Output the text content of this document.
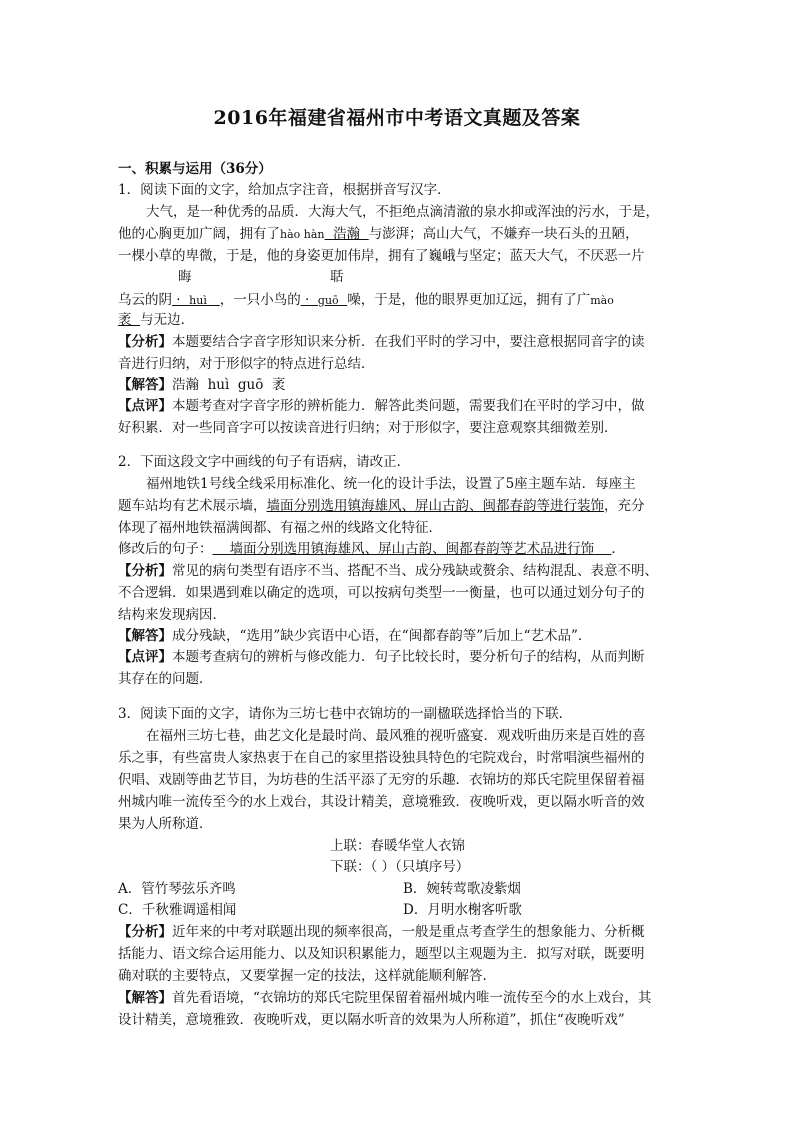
2016年福建省福州市中考语文真题及答案
一、积累与运用（36分）
1．阅读下面的文字，给加点字注音，根据拼音写汉字．
大气，是一种优秀的品质．大海大气，不拒绝点滴清澈的泉水抑或浑浊的污水，于是，
他的心胸更加广阔，拥有了hào hàn 浩瀚 与澎湃；高山大气，不嫌弃一块石头的丑陋，
一棵小草的卑微，于是，他的身姿更加伟岸，拥有了巍峨与坚定；蓝天大气，不厌恶一片
晦	聒
乌云的阴 ·  huì ，一只小鸟的 ·  guō 噪，于是，他的眼界更加辽远，拥有了广mào
袤 与无边．
【分析】本题要结合字音字形知识来分析．在我们平时的学习中，要注意根据同音字的读
音进行归纳，对于形似字的特点进行总结．
【解答】浩瀚  huì  guō  袤
【点评】本题考查对字音字形的辨析能力．解答此类问题，需要我们在平时的学习中，做
好积累．对一些同音字可以按读音进行归纳；对于形似字，要注意观察其细微差别．
2．下面这段文字中画线的句子有语病，请改正．
福州地铁1号线全线采用标准化、统一化的设计手法，设置了5座主题车站．每座主
题车站均有艺术展示墙，墙面分别选用镇海雄风、屏山古韵、闽都春韵等进行装饰，充分
体现了福州地铁福满闽都、有福之州的线路文化特征．
修改后的句子： 墙面分别选用镇海雄风、屏山古韵、闽都春韵等艺术品进行饰 ．
【分析】常见的病句类型有语序不当、搭配不当、成分残缺或赘余、结构混乱、表意不明、
不合逻辑．如果遇到难以确定的选项，可以按病句类型一一衡量，也可以通过划分句子的
结构来发现病因．
【解答】成分残缺，“选用”缺少宾语中心语，在“闽都春韵等”后加上“艺术品”．
【点评】本题考查病句的辨析与修改能力．句子比较长时，要分析句子的结构，从而判断
其存在的问题．
3．阅读下面的文字，请你为三坊七巷中衣锦坊的一副楹联选择恰当的下联．
在福州三坊七巷，曲艺文化是最时尚、最风雅的视听盛宴．观戏听曲历来是百姓的喜
乐之事，有些富贵人家热衷于在自己的家里搭设独具特色的宅院戏台，时常唱演些福州的
伬唱、戏剧等曲艺节目，为坊巷的生活平添了无穷的乐趣．衣锦坊的郑氏宅院里保留着福
州城内唯一流传至今的水上戏台，其设计精美，意境雅致．夜晚听戏，更以隔水听音的效
果为人所称道．
上联：春暖华堂人衣锦
下联：（ ）（只填序号）
A．管竹琴弦乐齐鸣	B．婉转莺歌凌紫烟
C．千秋雅调遥相闻	D．月明水榭客听歌
【分析】近年来的中考对联题出现的频率很高，一般是重点考查学生的想象能力、分析概
括能力、语文综合运用能力、以及知识积累能力，题型以主观题为主．拟写对联，既要明
确对联的主要特点，又要掌握一定的技法，这样就能顺利解答．
【解答】首先看语境，“衣锦坊的郑氏宅院里保留着福州城内唯一流传至今的水上戏台，其
设计精美，意境雅致．夜晚听戏，更以隔水听音的效果为人所称道”，抓住“夜晚听戏”
